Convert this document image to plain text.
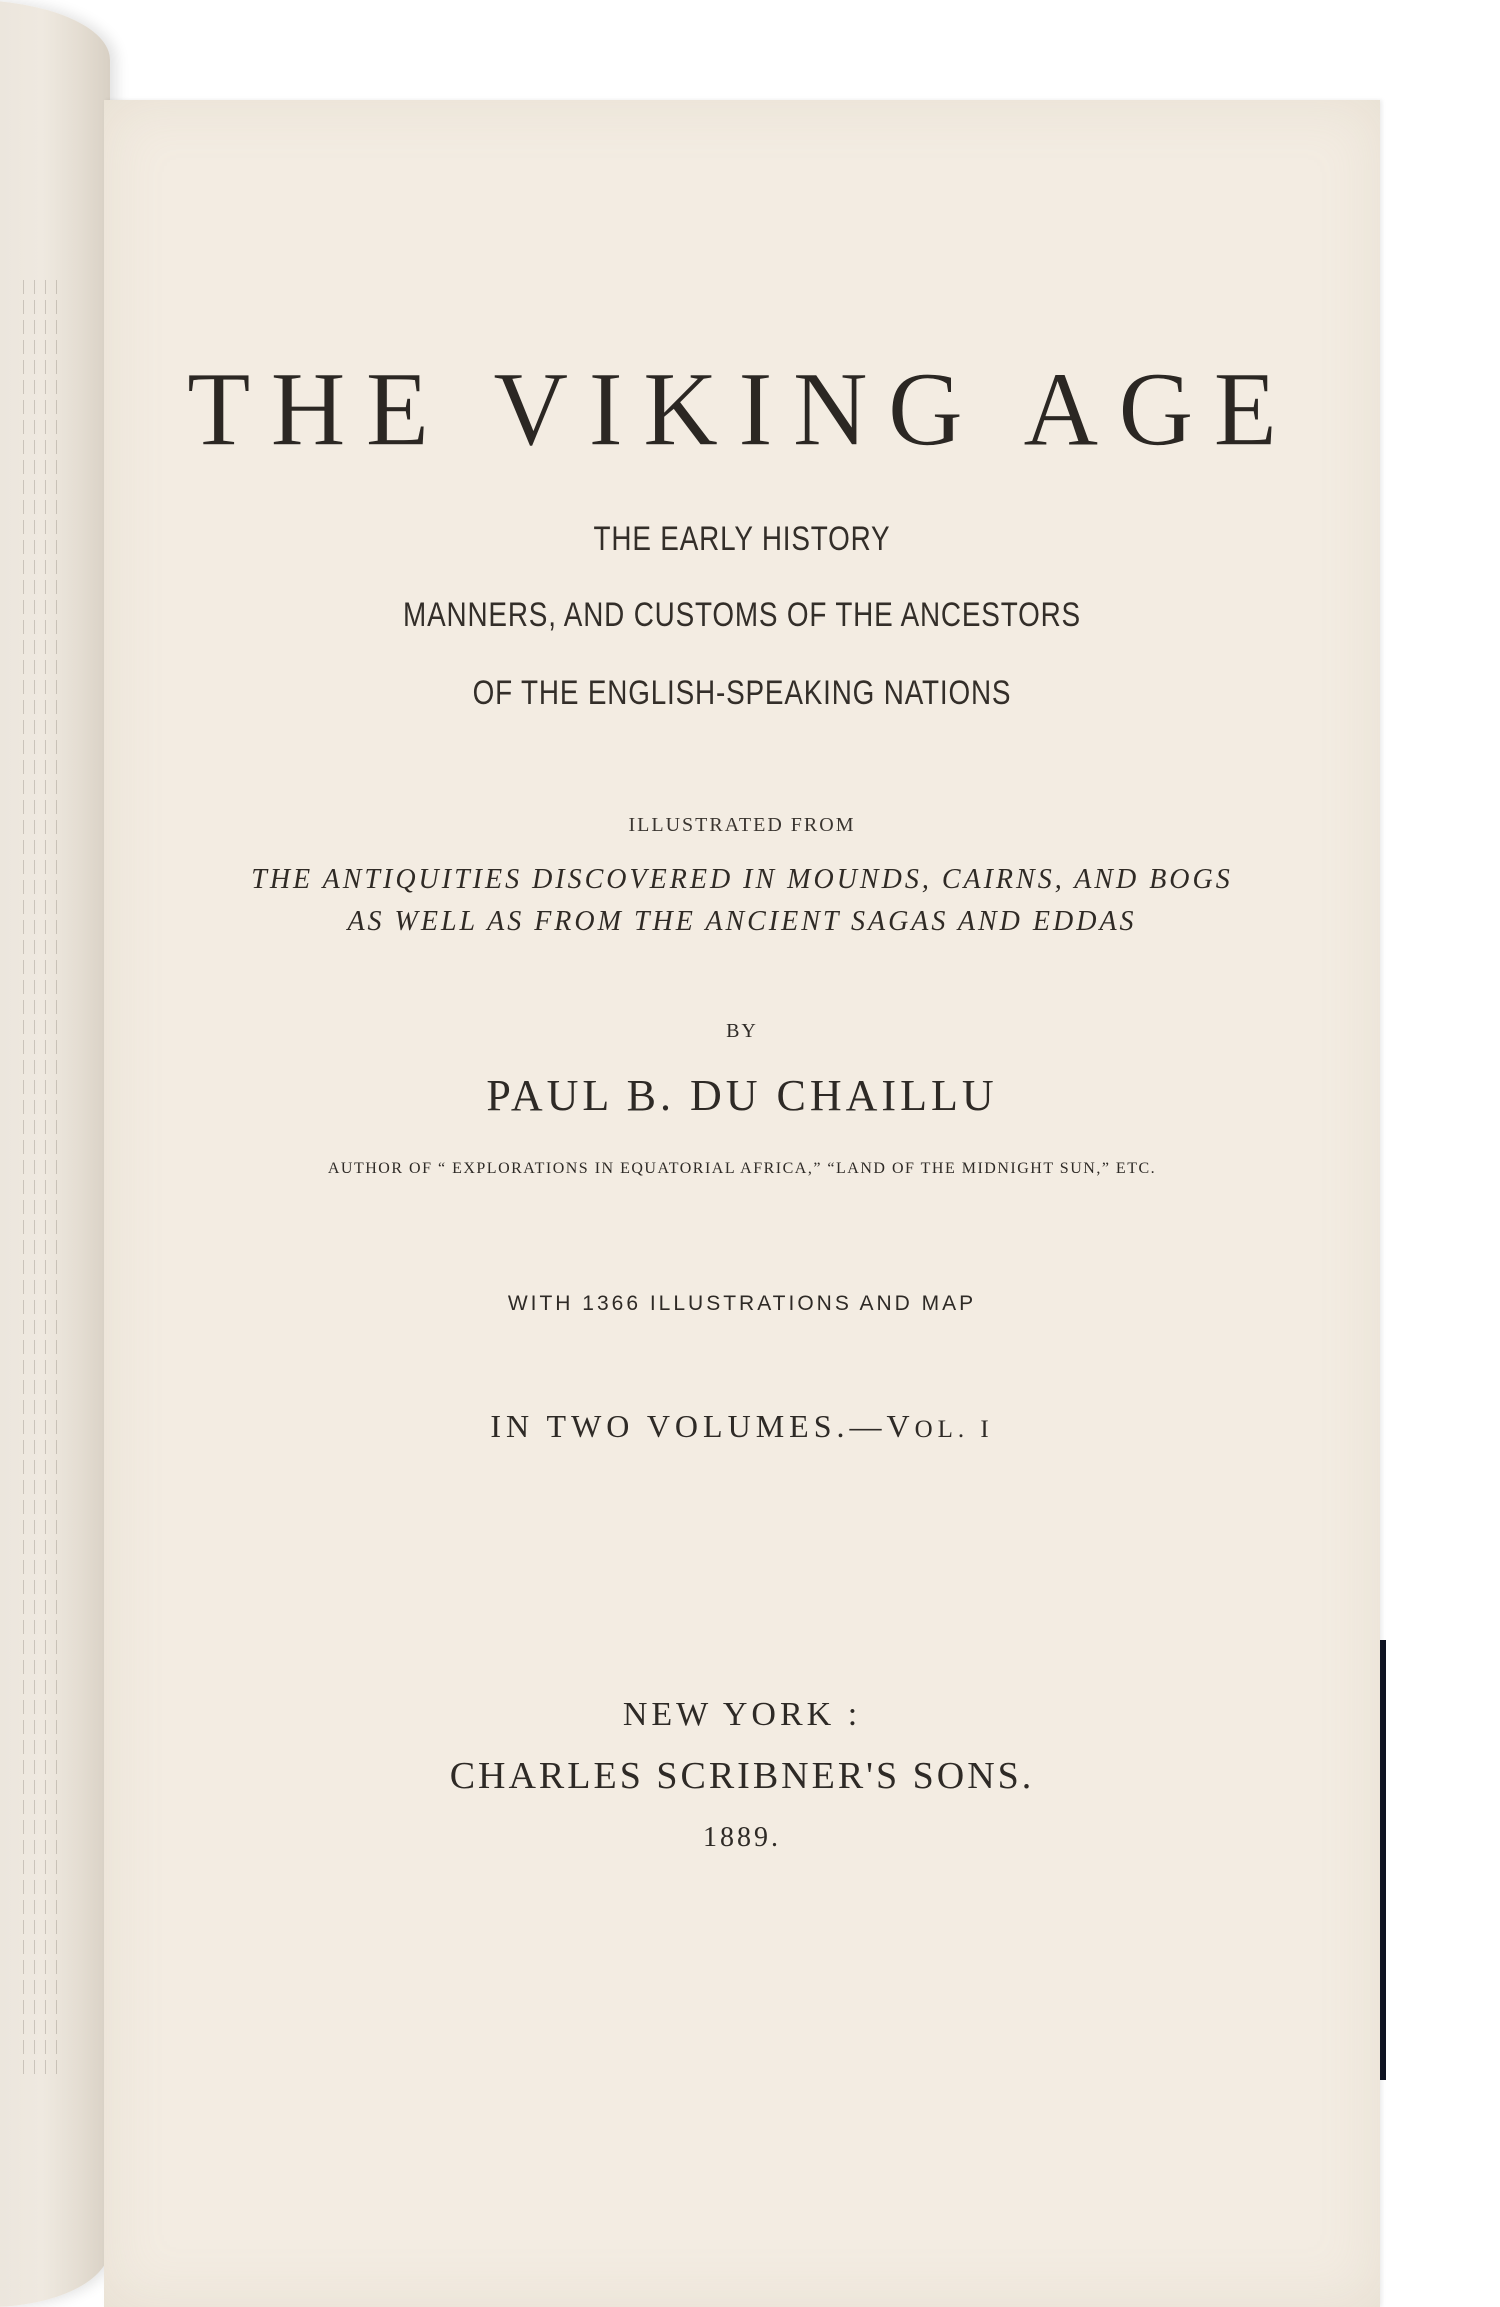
THE VIKING AGE
THE EARLY HISTORY
MANNERS, AND CUSTOMS OF THE ANCESTORS
OF THE ENGLISH-SPEAKING NATIONS
ILLUSTRATED FROM
THE ANTIQUITIES DISCOVERED IN MOUNDS, CAIRNS, AND BOGS
AS WELL AS FROM THE ANCIENT SAGAS AND EDDAS
BY
PAUL B. DU CHAILLU
AUTHOR OF “ EXPLORATIONS IN EQUATORIAL AFRICA,” “LAND OF THE MIDNIGHT SUN,” ETC.
WITH 1366 ILLUSTRATIONS AND MAP
IN TWO VOLUMES.—VOL. I
NEW YORK :
CHARLES SCRIBNER'S SONS.
1889.
